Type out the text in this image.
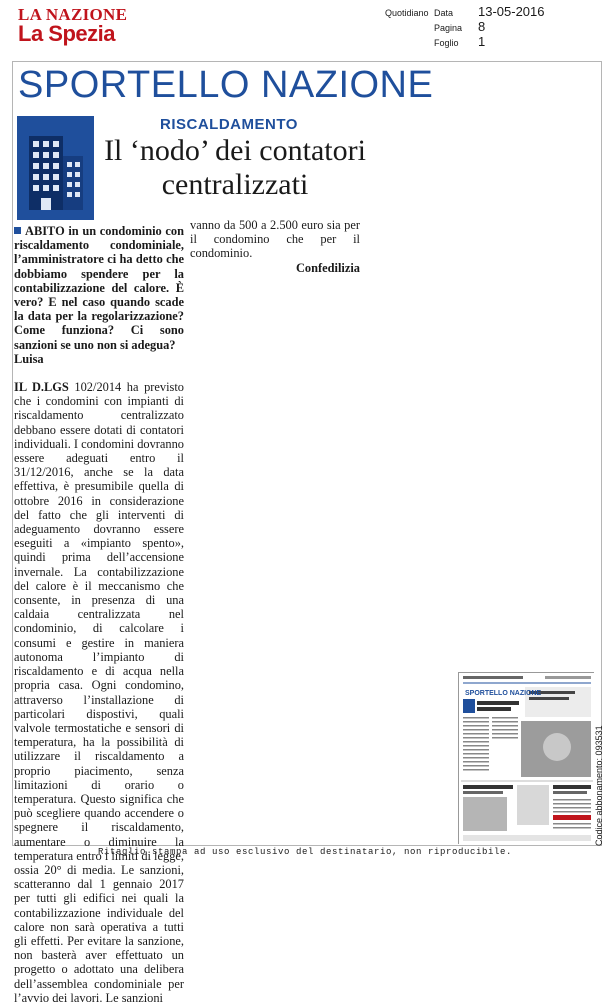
LA NAZIONE
La Spezia
Quotidiano Data	13-05-2016
Pagina	8
Foglio	1
SPORTELLO NAZIONE
RISCALDAMENTO
Il ‘nodo’ dei contatori centralizzati

ABITO in un condominio con riscaldamento condominiale, l’amministratore ci ha detto che dobbiamo spendere per la contabilizzazione del calore. È vero? E nel caso quando scade la data per la regolarizzazione? Come funziona? Ci sono sanzioni se uno non si adegua?

Luisa

IL D.LGS 102/2014 ha previsto che i condomini con impianti di riscaldamento centralizzato debbano essere dotati di contatori individuali. I condomini dovranno essere adeguati entro il 31/12/2016, anche se la data effettiva, è presumibile quella di ottobre 2016 in considerazione del fatto che gli interventi di adeguamento dovranno essere eseguiti a «impianto spento», quindi prima dell’accensione invernale. La contabilizzazione del calore è il meccanismo che consente, in presenza di una caldaia centralizzata nel condominio, di calcolare i consumi e gestire in maniera autonoma l’impianto di riscaldamento e di acqua nella propria casa. Ogni condomino, attraverso l’installazione di particolari dispostivi, quali valvole termostatiche e sensori di temperatura, ha la possibilità di utilizzare il riscaldamento a proprio piacimento, senza limitazioni di orario o temperatura. Questo significa che può scegliere quando accendere o spegnere il riscaldamento, aumentare o diminuire la temperatura entro i limiti di legge, ossia 20° di media. Le sanzioni, scatteranno dal 1 gennaio 2017 per tutti gli edifici nei quali la contabilizzazione individuale del calore non sarà operativa a tutti gli effetti. Per evitare la sanzione, non basterà aver effettuato un progetto o adottato una delibera dell’assemblea condominiale per l’avvio dei lavori. Le sanzioni

vanno da 500 a 2.500 euro sia per il condomino che per il condominio.

Confedilizia

SPORTELLO NAZIONE
Codice abbonamento: 093531
Ritaglio stampa ad uso esclusivo del destinatario, non riproducibile.
